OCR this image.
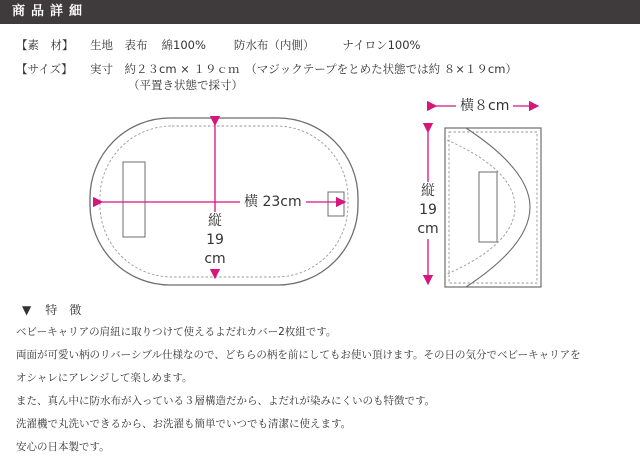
商品詳細
【素　材】 生地　表布 綿100% 防水布（内側） ナイロン100%
【サイズ】 実寸　約２３cm × １９ｃｍ　（マジックテープをとめた状態では約 ８×１９cm）
（平置き状態で採寸）
横 23cm
縦 19 cm
横８cm
縦 19 cm
▼ 特　徴
ベビーキャリアの肩紐に取りつけて使えるよだれカバー2枚組です。
両面が可愛い柄のリバーシブル仕様なので、どちらの柄を前にしてもお使い頂けます。その日の気分でベビーキャリアを
オシャレにアレンジして楽しめます。
また、真ん中に防水布が入っている３層構造だから、よだれが染みにくいのも特徴です。
洗濯機で丸洗いできるから、お洗濯も簡単でいつでも清潔に使えます。
安心の日本製です。
